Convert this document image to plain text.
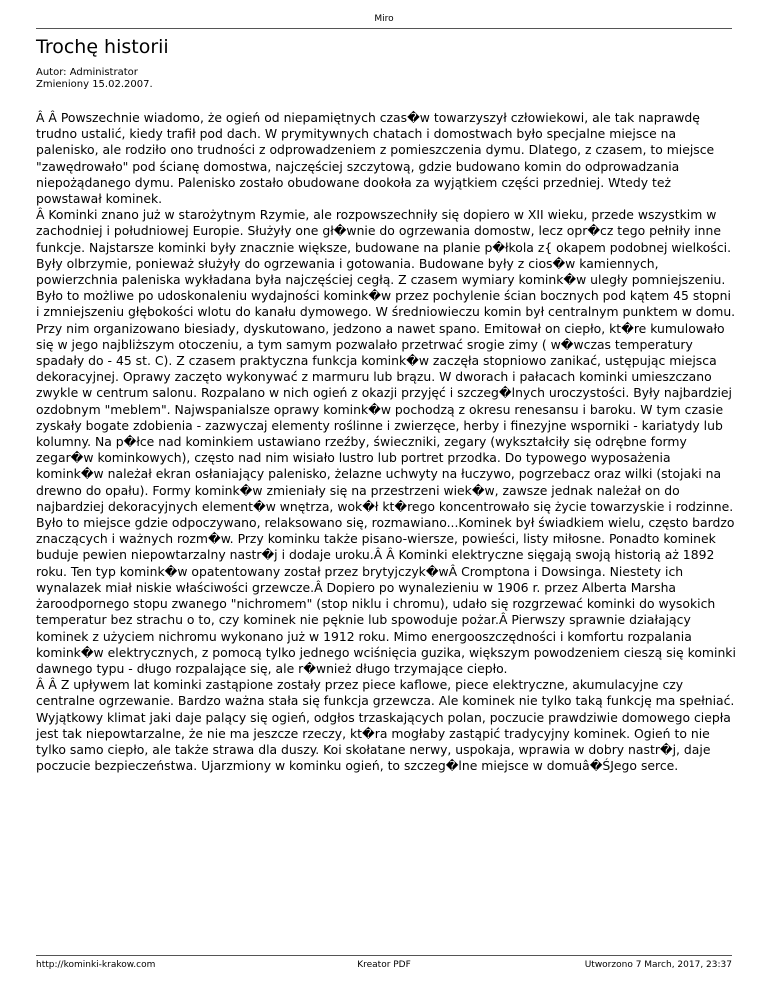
Miro
Trochę historii
Autor: Administrator
Zmieniony 15.02.2007.

Â Â Powszechnie wiadomo, że ogień od niepamiętnych czas�w towarzyszył człowiekowi, ale tak naprawdę trudno ustalić, kiedy trafił pod dach. W prymitywnych chatach i domostwach było specjalne miejsce na palenisko, ale rodziło ono trudności z odprowadzeniem z pomieszczenia dymu. Dlatego, z czasem, to miejsce "zawędrowało" pod ścianę domostwa, najczęściej szczytową, gdzie budowano komin do odprowadzania niepożądanego dymu. Palenisko zostało obudowane dookoła za wyjątkiem części przedniej. Wtedy też powstawał kominek.

Â Kominki znano już w starożytnym Rzymie, ale rozpowszechniły się dopiero w XII wieku, przede wszystkim w zachodniej i południowej Europie. Służyły one gł�wnie do ogrzewania domostw, lecz opr�cz tego pełniły inne funkcje. Najstarsze kominki były znacznie większe, budowane na planie p�łkola z{ okapem podobnej wielkości. Były olbrzymie, ponieważ służyły do ogrzewania i gotowania. Budowane były z cios�w kamiennych, powierzchnia paleniska wykładana była najczęściej cegłą. Z czasem wymiary komink�w uległy pomniejszeniu. Było to możliwe po udoskonaleniu wydajności komink�w przez pochylenie ścian bocznych pod kątem 45 stopni i zmniejszeniu głębokości wlotu do kanału dymowego. W średniowieczu komin był centralnym punktem w domu. Przy nim organizowano biesiady, dyskutowano, jedzono a nawet spano. Emitował on ciepło, kt�re kumulowało się w jego najbliższym otoczeniu, a tym samym pozwalało przetrwać srogie zimy ( w�wczas temperatury spadały do - 45 st. C). Z czasem praktyczna funkcja komink�w zaczęła stopniowo zanikać, ustępując miejsca dekoracyjnej. Oprawy zaczęto wykonywać z marmuru lub brązu. W dworach i pałacach kominki umieszczano zwykle w centrum salonu. Rozpalano w nich ogień z okazji przyjęć i szczeg�lnych uroczystości. Były najbardziej ozdobnym "meblem". Najwspanialsze oprawy komink�w pochodzą z okresu renesansu i baroku. W tym czasie zyskały bogate zdobienia - zazwyczaj elementy roślinne i zwierzęce, herby i finezyjne wsporniki - kariatydy lub kolumny. Na p�łce nad kominkiem ustawiano rzeźby, świeczniki, zegary (wykształciły się odrębne formy zegar�w kominkowych), często nad nim wisiało lustro lub portret przodka. Do typowego wyposażenia komink�w należał ekran osłaniający palenisko, żelazne uchwyty na łuczywo, pogrzebacz oraz wilki (stojaki na drewno do opału). Formy komink�w zmieniały się na przestrzeni wiek�w, zawsze jednak należał on do najbardziej dekoracyjnych element�w wnętrza, wok�ł kt�rego koncentrowało się życie towarzyskie i rodzinne. Było to miejsce gdzie odpoczywano, relaksowano się, rozmawiano...Kominek był świadkiem wielu, często bardzo znaczących i ważnych rozm�w. Przy kominku także pisano-wiersze, powieści, listy miłosne. Ponadto kominek buduje pewien niepowtarzalny nastr�j i dodaje uroku.Â Â Kominki elektryczne sięgają swoją historią aż 1892 roku. Ten typ komink�w opatentowany został przez brytyjczyk�wÂ Cromptona i Dowsinga. Niestety ich wynalazek miał niskie właściwości grzewcze.Â Dopiero po wynalezieniu w 1906 r. przez Alberta Marsha żaroodpornego stopu zwanego "nichromem" (stop niklu i chromu), udało się rozgrzewać kominki do wysokich temperatur bez strachu o to, czy kominek nie pęknie lub spowoduje pożar.Â Pierwszy sprawnie działający kominek z użyciem nichromu wykonano już w 1912 roku. Mimo energooszczędności i komfortu rozpalania komink�w elektrycznych, z pomocą tylko jednego wciśnięcia guzika, większym powodzeniem cieszą się kominki dawnego typu - długo rozpalające się, ale r�wnież długo trzymające ciepło.

Â Â Z upływem lat kominki zastąpione zostały przez piece kaflowe, piece elektryczne, akumulacyjne czy centralne ogrzewanie. Bardzo ważna stała się funkcja grzewcza. Ale kominek nie tylko taką funkcję ma spełniać. Wyjątkowy klimat jaki daje palący się ogień, odgłos trzaskających polan, poczucie prawdziwie domowego ciepła jest tak niepowtarzalne, że nie ma jeszcze rzeczy, kt�ra mogłaby zastąpić tradycyjny kominek. Ogień to nie tylko samo ciepło, ale także strawa dla duszy. Koi skołatane nerwy, uspokaja, wprawia w dobry nastr�j, daje poczucie bezpieczeństwa. Ujarzmiony w kominku ogień, to szczeg�lne miejsce w domuâ�ŚJego serce.

http://kominki-krakow.com	Kreator PDF	Utworzono 7 March, 2017, 23:37
